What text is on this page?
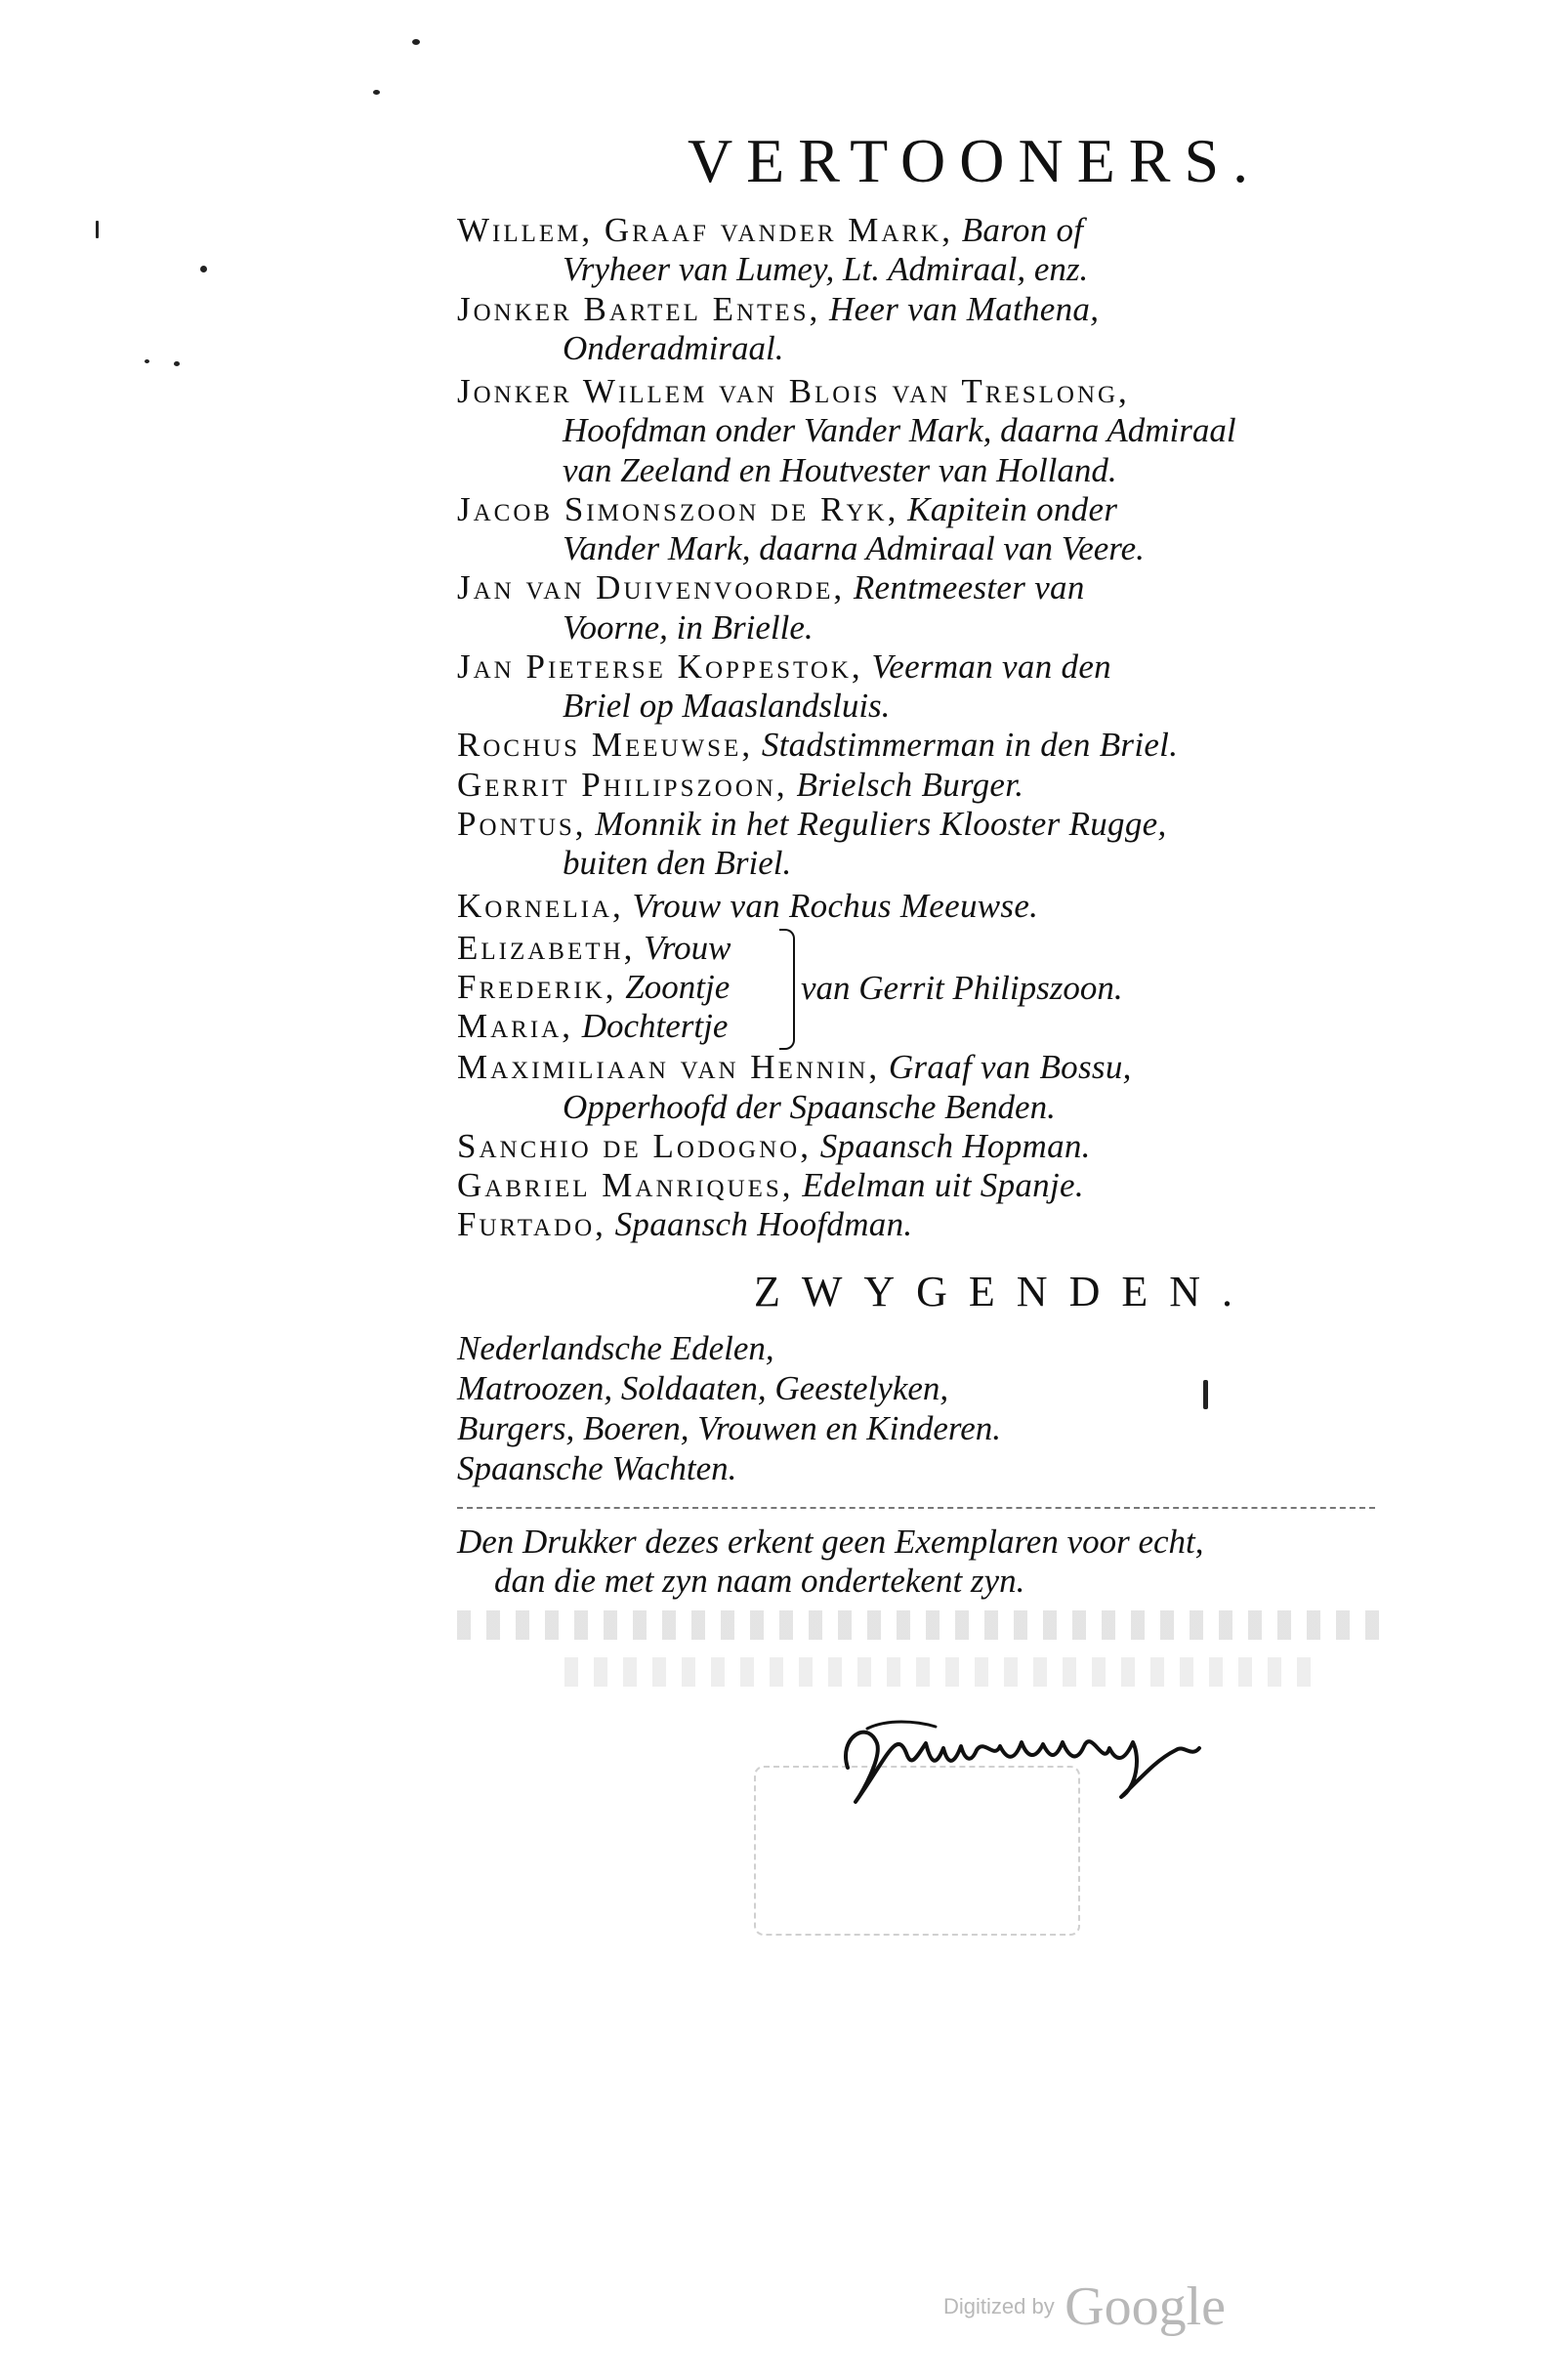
VERTOONERS.
Willem, Graaf vander Mark, Baron of
Vryheer van Lumey, Lt. Admiraal, enz.
Jonker Bartel Entes, Heer van Mathena,
Onderadmiraal.
Jonker Willem van Blois van Treslong,
Hoofdman onder Vander Mark, daarna Admiraal
van Zeeland en Houtvester van Holland.
Jacob Simonszoon de Ryk, Kapitein onder
Vander Mark, daarna Admiraal van Veere.
Jan van Duivenvoorde, Rentmeester van
Voorne, in Brielle.
Jan Pieterse Koppestok, Veerman van den
Briel op Maaslandsluis.
Rochus Meeuwse, Stadstimmerman in den Briel.
Gerrit Philipszoon, Brielsch Burger.
Pontus, Monnik in het Reguliers Klooster Rugge,
buiten den Briel.
Kornelia, Vrouw van Rochus Meeuwse.
Elizabeth, Vrouw
Frederik, Zoontje
Maria, Dochtertje
van Gerrit Philipszoon.
Maximiliaan van Hennin, Graaf van Bossu,
Opperhoofd der Spaansche Benden.
Sanchio de Lodogno, Spaansch Hopman.
Gabriel Manriques, Edelman uit Spanje.
Furtado, Spaansch Hoofdman.
ZWYGENDEN.
Nederlandsche Edelen,
Matroozen, Soldaaten, Geestelyken,
Burgers, Boeren, Vrouwen en Kinderen.
Spaansche Wachten.

Den Drukker dezes erkent geen Exemplaren voor echt,
dan die met zyn naam ondertekent zyn.

Digitized by Google
